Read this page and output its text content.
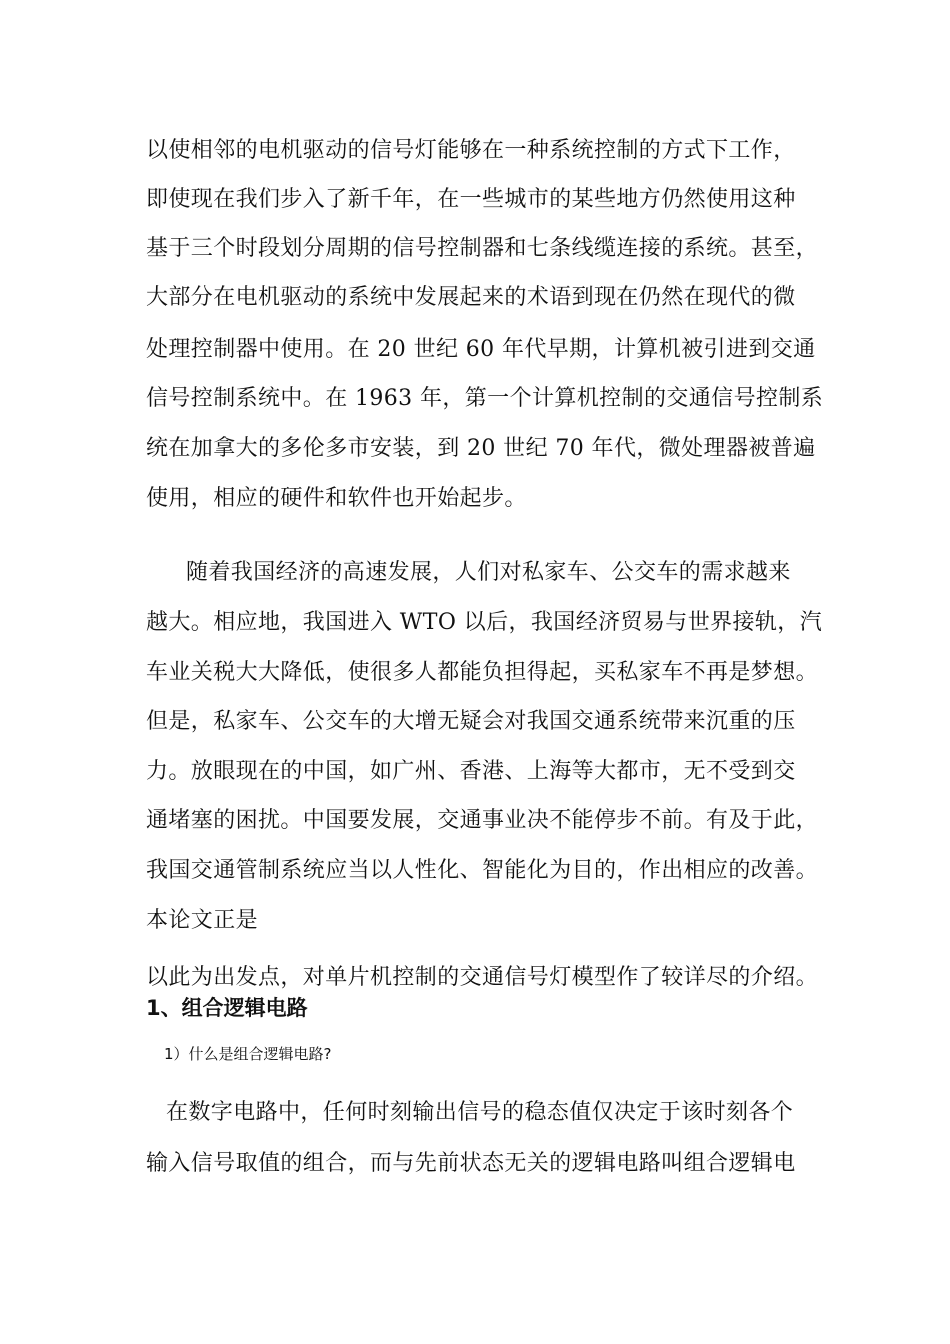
以使相邻的电机驱动的信号灯能够在一种系统控制的方式下工作，
即使现在我们步入了新千年，在一些城市的某些地方仍然使用这种
基于三个时段划分周期的信号控制器和七条线缆连接的系统。甚至，
大部分在电机驱动的系统中发展起来的术语到现在仍然在现代的微
处理控制器中使用。在 20 世纪 60 年代早期，计算机被引进到交通
信号控制系统中。在 1963 年，第一个计算机控制的交通信号控制系
统在加拿大的多伦多市安装，到 20 世纪 70 年代，微处理器被普遍
使用，相应的硬件和软件也开始起步。
随着我国经济的高速发展，人们对私家车、公交车的需求越来
越大。相应地，我国进入 WTO 以后，我国经济贸易与世界接轨，汽
车业关税大大降低，使很多人都能负担得起，买私家车不再是梦想。
但是，私家车、公交车的大增无疑会对我国交通系统带来沉重的压
力。放眼现在的中国，如广州、香港、上海等大都市，无不受到交
通堵塞的困扰。中国要发展，交通事业决不能停步不前。有及于此，
我国交通管制系统应当以人性化、智能化为目的，作出相应的改善。
本论文正是
以此为出发点，对单片机控制的交通信号灯模型作了较详尽的介绍。
1、组合逻辑电路
1）什么是组合逻辑电路?
在数字电路中，任何时刻输出信号的稳态值仅决定于该时刻各个
输入信号取值的组合，而与先前状态无关的逻辑电路叫组合逻辑电
